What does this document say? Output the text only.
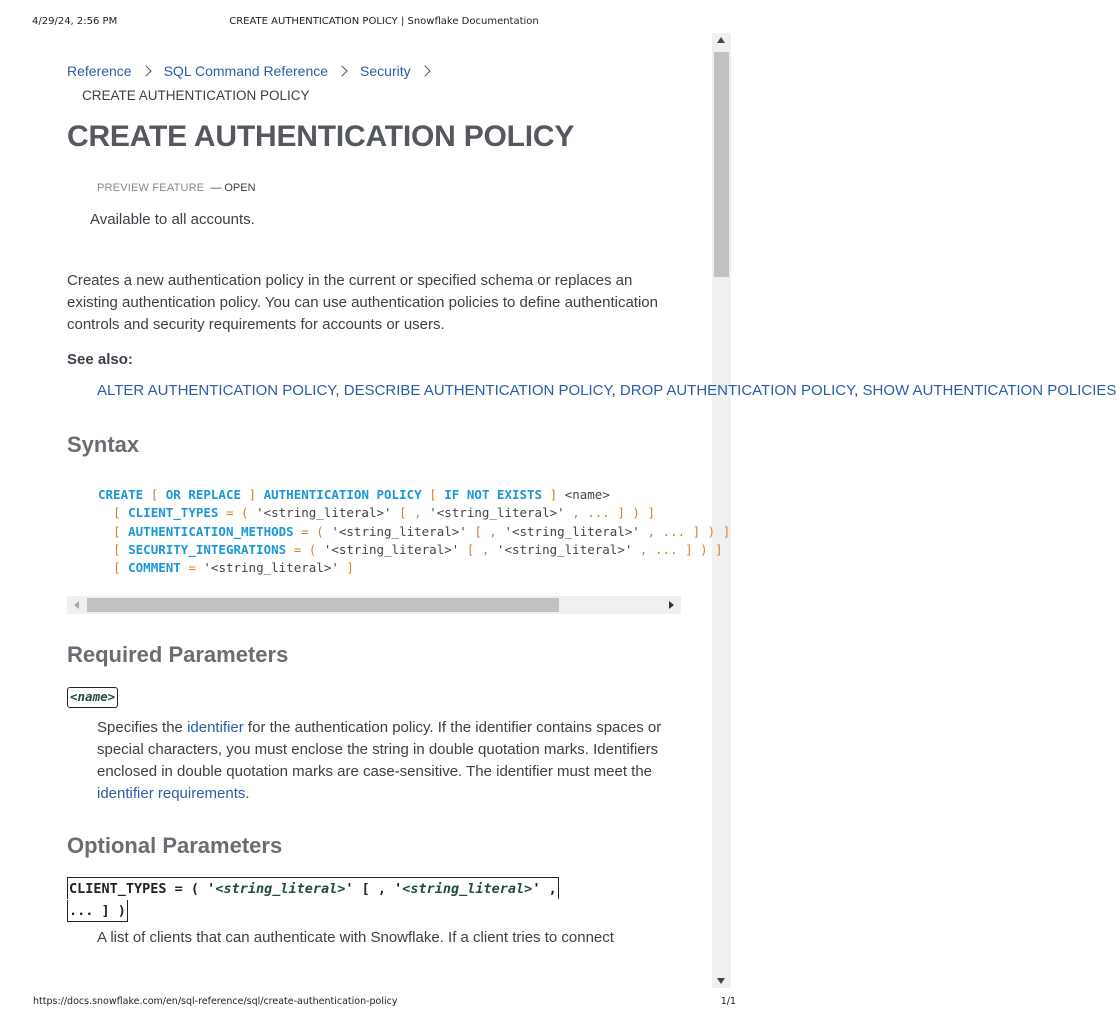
4/29/24, 2:56 PM	CREATE AUTHENTICATION POLICY | Snowflake Documentation
Reference SQL Command Reference Security
CREATE AUTHENTICATION POLICY
CREATE AUTHENTICATION POLICY
PREVIEW FEATURE — OPEN
Available to all accounts.

Creates a new authentication policy in the current or specified schema or replaces an existing authentication policy. You can use authentication policies to define authentication controls and security requirements for accounts or users.

See also:
ALTER AUTHENTICATION POLICY, DESCRIBE AUTHENTICATION POLICY, DROP AUTHENTICATION POLICY, SHOW AUTHENTICATION POLICIES
Syntax
CREATE [ OR REPLACE ] AUTHENTICATION POLICY [ IF NOT EXISTS ] <name>
[ CLIENT_TYPES = ( '<string_literal>' [ , '<string_literal>' , ... ] ) ]
[ AUTHENTICATION_METHODS = ( '<string_literal>' [ , '<string_literal>' , ... ] ) ]
[ SECURITY_INTEGRATIONS = ( '<string_literal>' [ , '<string_literal>' , ... ] ) ]
[ COMMENT = '<string_literal>' ]
Required Parameters
<name>

Specifies the identifier for the authentication policy. If the identifier contains spaces or special characters, you must enclose the string in double quotation marks. Identifiers enclosed in double quotation marks are case-sensitive. The identifier must meet the identifier requirements.

Optional Parameters
CLIENT_TYPES = ( '<string_literal>' [ , '<string_literal>' ,
... ] )

A list of clients that can authenticate with Snowflake. If a client tries to connect

https://docs.snowflake.com/en/sql-reference/sql/create-authentication-policy	1/1
